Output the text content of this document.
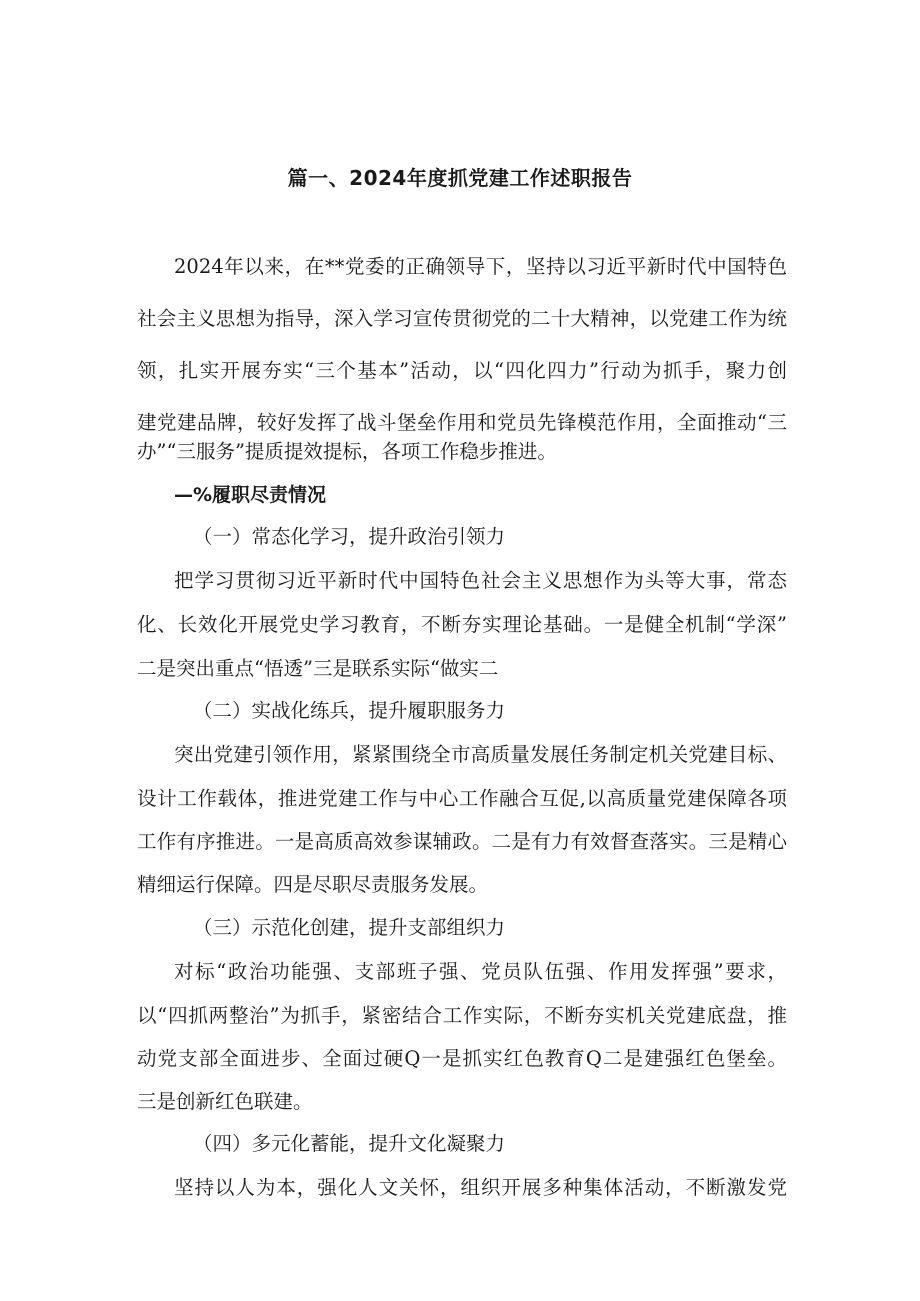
篇一、2024年度抓党建工作述职报告
2024年以来，在**党委的正确领导下，坚持以习近平新时代中国特色
社会主义思想为指导，深入学习宣传贯彻党的二十大精神，以党建工作为统
领，扎实开展夯实“三个基本”活动，以“四化四力”行动为抓手，聚力创
建党建品牌，较好发挥了战斗堡垒作用和党员先锋模范作用，全面推动“三
办”“三服务”提质提效提标，各项工作稳步推进。
—%履职尽责情况
（一）常态化学习，提升政治引领力
把学习贯彻习近平新时代中国特色社会主义思想作为头等大事，常态
化、长效化开展党史学习教育，不断夯实理论基础。一是健全机制“学深”
二是突出重点“悟透”三是联系实际“做实二
（二）实战化练兵，提升履职服务力
突出党建引领作用，紧紧围绕全市高质量发展任务制定机关党建目标、
设计工作载体，推进党建工作与中心工作融合互促,以高质量党建保障各项
工作有序推进。一是高质高效参谋辅政。二是有力有效督查落实。三是精心
精细运行保障。四是尽职尽责服务发展。
（三）示范化创建，提升支部组织力
对标“政治功能强、支部班子强、党员队伍强、作用发挥强”要求，
以“四抓两整治”为抓手，紧密结合工作实际，不断夯实机关党建底盘，推
动党支部全面进步、全面过硬Q一是抓实红色教育Q二是建强红色堡垒。
三是创新红色联建。
（四）多元化蓄能，提升文化凝聚力
坚持以人为本，强化人文关怀，组织开展多种集体活动，不断激发党
